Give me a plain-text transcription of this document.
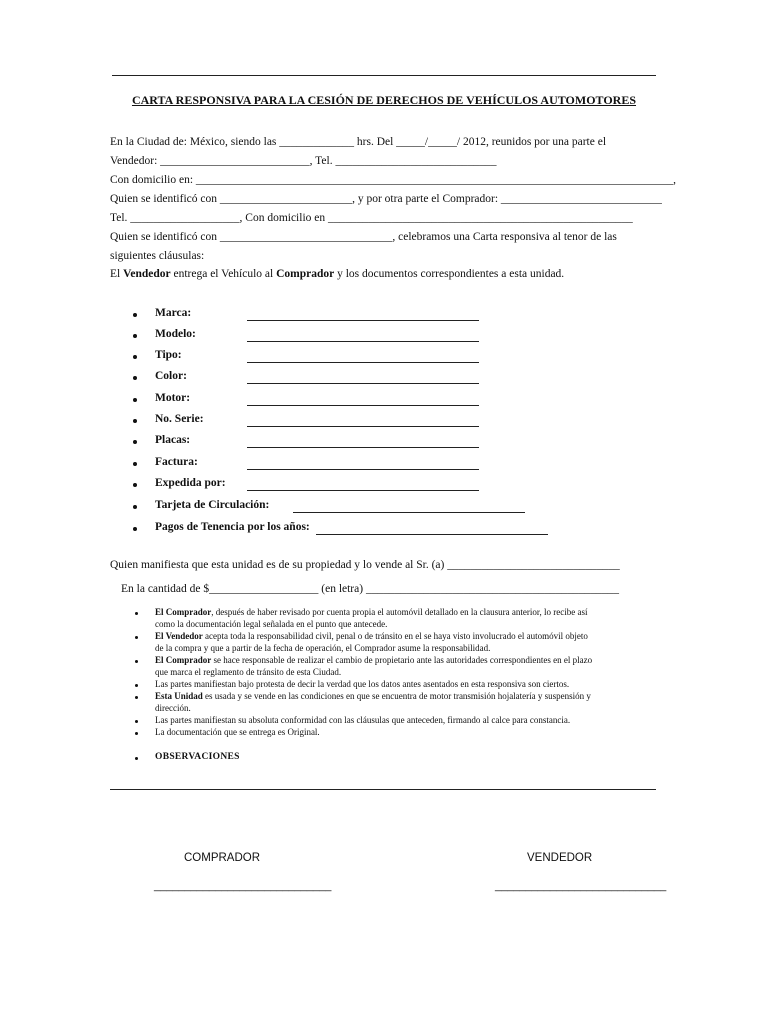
CARTA RESPONSIVA PARA LA CESIÓN DE DERECHOS DE VEHÍCULOS AUTOMOTORES
En la Ciudad de: México, siendo las _____________ hrs. Del _____/_____/ 2012, reunidos por una parte el
Vendedor: __________________________, Tel. ____________________________
Con domicilio en: ___________________________________________________________________________________,
Quien se identificó con _______________________, y por otra parte el Comprador: ____________________________
Tel. ___________________, Con domicilio en _____________________________________________________
Quien se identificó con ______________________________, celebramos una Carta responsiva al tenor de las
siguientes cláusulas:
El Vendedor entrega el Vehículo al Comprador y los documentos correspondientes a esta unidad.
Marca:
Modelo:
Tipo:
Color:
Motor:
No. Serie:
Placas:
Factura:
Expedida por:
Tarjeta de Circulación:
Pagos de Tenencia por los años:
Quien manifiesta que esta unidad es de su propiedad y lo vende al Sr. (a) ______________________________
En la cantidad de $___________________ (en letra) ____________________________________________
El Comprador, después de haber revisado por cuenta propia el automóvil detallado en la clausura anterior, lo recibe así
como la documentación legal señalada en el punto que antecede.
El Vendedor acepta toda la responsabilidad civil, penal o de tránsito en el se haya visto involucrado el automóvil objeto
de la compra y que a partir de la fecha de operación, el Comprador asume la responsabilidad.
El Comprador se hace responsable de realizar el cambio de propietario ante las autoridades correspondientes en el plazo
que marca el reglamento de tránsito de esta Ciudad.
Las partes manifiestan bajo protesta de decir la verdad que los datos antes asentados en esta responsiva son ciertos.
Esta Unidad es usada y se vende en las condiciones en que se encuentra de motor transmisión hojalatería y suspensión y
dirección.
Las partes manifiestan su absoluta conformidad con las cláusulas que anteceden, firmando al calce para constancia.
La documentación que se entrega es Original.
OBSERVACIONES
COMPRADOR	VENDEDOR
_____________________________	____________________________
